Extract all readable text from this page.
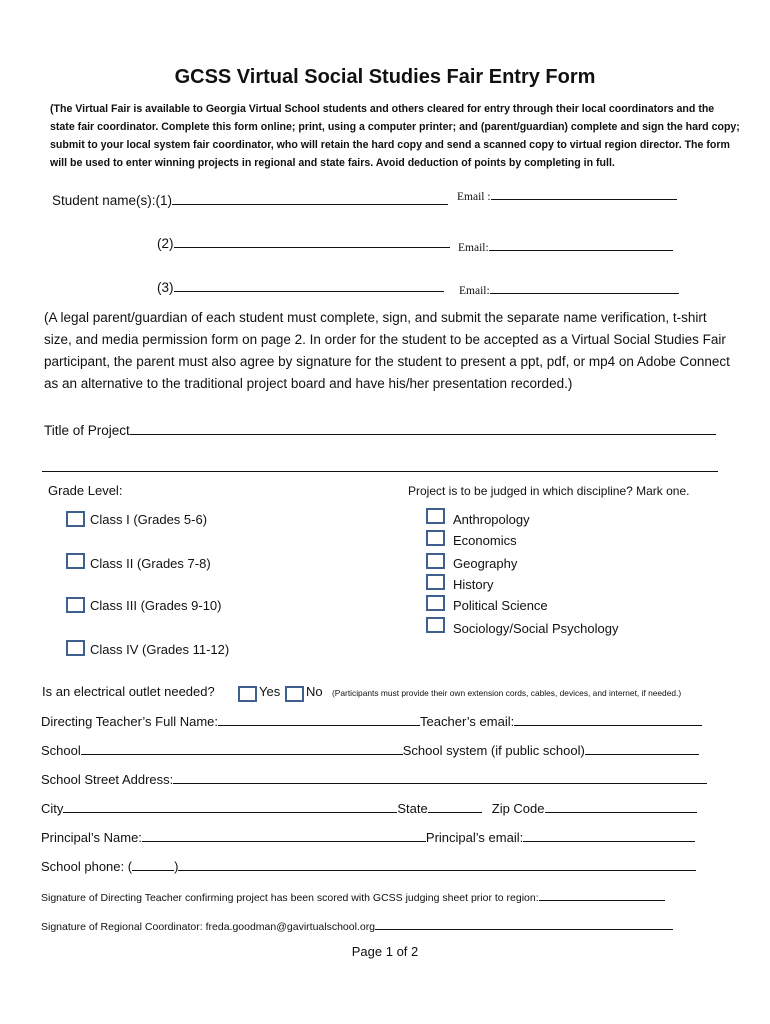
GCSS Virtual Social Studies Fair Entry Form
(The Virtual Fair is available to Georgia Virtual School students and others cleared for entry through their local coordinators and the state fair coordinator. Complete this form online; print, using a computer printer; and (parent/guardian) complete and sign the hard copy; submit to your local system fair coordinator, who will retain the hard copy and send a scanned copy to virtual region director. The form will be used to enter winning projects in regional and state fairs. Avoid deduction of points by completing in full.
Student name(s):(1)	Email :
(2)	Email:
(3)	Email:
(A legal parent/guardian of each student must complete, sign, and submit the separate name verification, t-shirt size, and media permission form on page 2. In order for the student to be accepted as a Virtual Social Studies Fair participant, the parent must also agree by signature for the student to present a ppt, pdf, or mp4 on Adobe Connect as an alternative to the traditional project board and have his/her presentation recorded.)
Title of Project
Grade Level:	Project is to be judged in which discipline? Mark one.
Class I (Grades 5-6)
Class II (Grades 7-8)
Class III (Grades 9-10)
Class IV (Grades 11-12)
Anthropology
Economics
Geography
History
Political Science
Sociology/Social Psychology
Is an electrical outlet needed?	Yes No (Participants must provide their own extension cords, cables, devices, and internet, if needed.)
Directing Teacher’s Full Name:	Teacher’s email:
School	School system (if public school)
School Street Address:
City	State	Zip Code
Principal’s Name:	Principal’s email:
School phone: (	)
Signature of Directing Teacher confirming project has been scored with GCSS judging sheet prior to region:
Signature of Regional Coordinator: freda.goodman@gavirtualschool.org
Page 1 of 2
